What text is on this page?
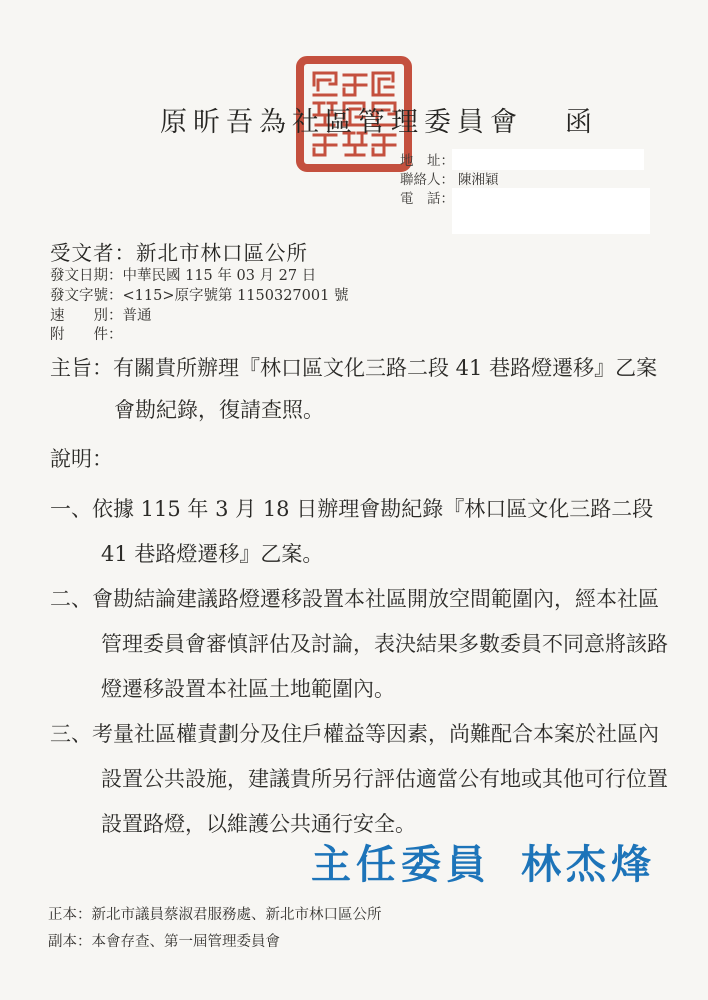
原昕吾為社區管理委員會 函
地　址：
聯絡人： 陳湘穎
電　話：
受文者：新北市林口區公所
發文日期：中華民國 115 年 03 月 27 日
發文字號：<115>原字號第 1150327001 號
速　　別：普通
附　　件：
主旨：有關貴所辦理『林口區文化三路二段 41 巷路燈遷移』乙案會勘紀錄，復請查照。
說明：
一、依據 115 年 3 月 18 日辦理會勘紀錄『林口區文化三路二段 41 巷路燈遷移』乙案。
二、會勘結論建議路燈遷移設置本社區開放空間範圍內，經本社區管理委員會審慎評估及討論，表決結果多數委員不同意將該路燈遷移設置本社區土地範圍內。
三、考量社區權責劃分及住戶權益等因素，尚難配合本案於社區內設置公共設施，建議貴所另行評估適當公有地或其他可行位置設置路燈，以維護公共通行安全。
主任委員 林杰烽
正本：新北市議員蔡淑君服務處、新北市林口區公所
副本：本會存查、第一屆管理委員會
